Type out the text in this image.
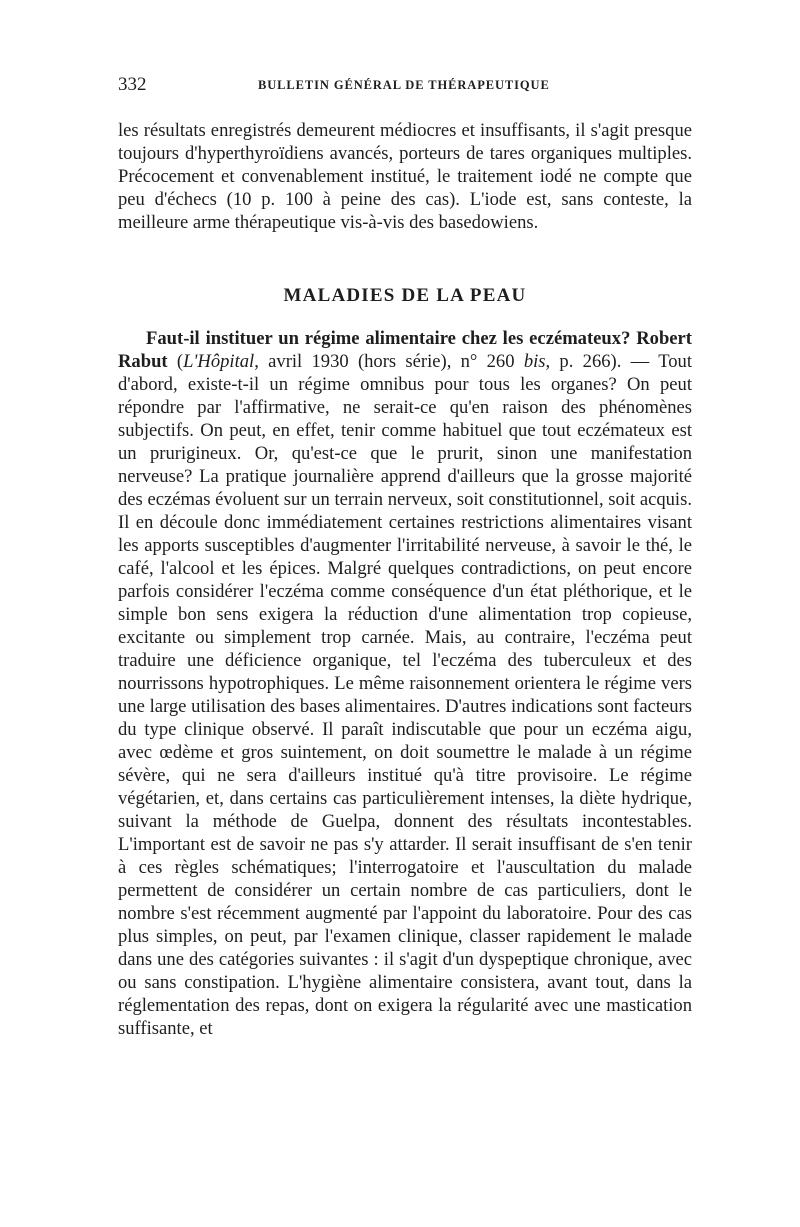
332	BULLETIN GÉNÉRAL DE THÉRAPEUTIQUE

les résultats enregistrés demeurent médiocres et insuffisants, il s'agit presque toujours d'hyperthyroïdiens avancés, porteurs de tares organiques multiples. Précocement et convenablement institué, le traitement iodé ne compte que peu d'échecs (10 p. 100 à peine des cas). L'iode est, sans conteste, la meilleure arme thérapeutique vis-à-vis des basedowiens.

MALADIES DE LA PEAU

Faut-il instituer un régime alimentaire chez les eczémateux? Robert Rabut (L'Hôpital, avril 1930 (hors série), n° 260 bis, p. 266). — Tout d'abord, existe-t-il un régime omnibus pour tous les organes? On peut répondre par l'affirmative, ne serait-ce qu'en raison des phénomènes subjectifs. On peut, en effet, tenir comme habituel que tout eczémateux est un prurigineux. Or, qu'est-ce que le prurit, sinon une manifestation nerveuse? La pratique journalière apprend d'ailleurs que la grosse majorité des eczémas évoluent sur un terrain nerveux, soit constitutionnel, soit acquis. Il en découle donc immédiatement certaines restrictions alimentaires visant les apports susceptibles d'augmenter l'irritabilité nerveuse, à savoir le thé, le café, l'alcool et les épices. Malgré quelques contradictions, on peut encore parfois considérer l'eczéma comme conséquence d'un état pléthorique, et le simple bon sens exigera la réduction d'une alimentation trop copieuse, excitante ou simplement trop carnée. Mais, au contraire, l'eczéma peut traduire une déficience organique, tel l'eczéma des tuberculeux et des nourrissons hypotrophiques. Le même raisonnement orientera le régime vers une large utilisation des bases alimentaires. D'autres indications sont facteurs du type clinique observé. Il paraît indiscutable que pour un eczéma aigu, avec œdème et gros suintement, on doit soumettre le malade à un régime sévère, qui ne sera d'ailleurs institué qu'à titre provisoire. Le régime végétarien, et, dans certains cas particulièrement intenses, la diète hydrique, suivant la méthode de Guelpa, donnent des résultats incontestables. L'important est de savoir ne pas s'y attarder. Il serait insuffisant de s'en tenir à ces règles schématiques; l'interrogatoire et l'auscultation du malade permettent de considérer un certain nombre de cas particuliers, dont le nombre s'est récemment augmenté par l'appoint du laboratoire. Pour des cas plus simples, on peut, par l'examen clinique, classer rapidement le malade dans une des catégories suivantes : il s'agit d'un dyspeptique chronique, avec ou sans constipation. L'hygiène alimentaire consistera, avant tout, dans la réglementation des repas, dont on exigera la régularité avec une mastication suffisante, et
